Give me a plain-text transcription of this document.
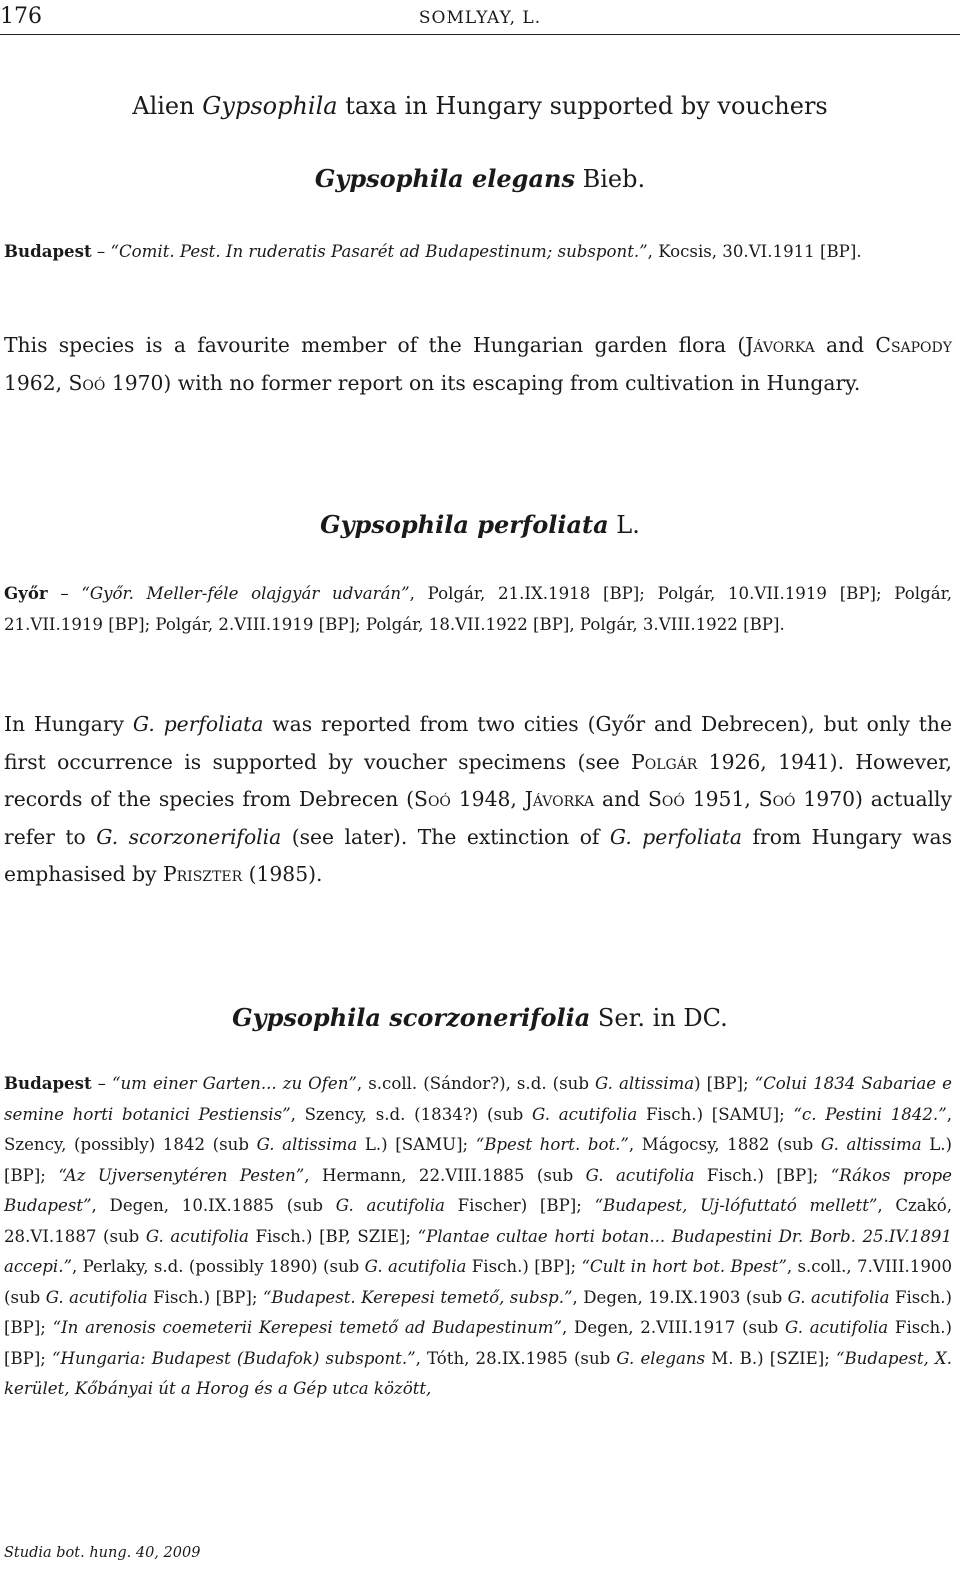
176	SOMLYAY, L.
Alien Gypsophila taxa in Hungary supported by vouchers
Gypsophila elegans Bieb.

Budapest – “Comit. Pest. In ruderatis Pasarét ad Budapestinum; subspont.”, Kocsis, 30.VI.1911 [BP].

This species is a favourite member of the Hungarian garden flora (Jávorka and Csapody 1962, Soó 1970) with no former report on its escaping from cultivation in Hungary.

Gypsophila perfoliata L.

Győr – “Győr. Meller-féle olajgyár udvarán”, Polgár, 21.IX.1918 [BP]; Polgár, 10.VII.1919 [BP]; Polgár, 21.VII.1919 [BP]; Polgár, 2.VIII.1919 [BP]; Polgár, 18.VII.1922 [BP], Polgár, 3.VIII.1922 [BP].

In Hungary G. perfoliata was reported from two cities (Győr and Debrecen), but only the first occurrence is supported by voucher specimens (see Polgár 1926, 1941). However, records of the species from Debrecen (Soó 1948, Jávorka and Soó 1951, Soó 1970) actually refer to G. scorzonerifolia (see later). The extinction of G. perfoliata from Hungary was emphasised by Priszter (1985).

Gypsophila scorzonerifolia Ser. in DC.

Budapest – “um einer Garten... zu Ofen”, s.coll. (Sándor?), s.d. (sub G. altissima) [BP]; “Colui 1834 Sabariae e semine horti botanici Pestiensis”, Szency, s.d. (1834?) (sub G. acutifolia Fisch.) [SAMU]; “c. Pestini 1842.”, Szency, (possibly) 1842 (sub G. altissima L.) [SAMU]; “Bpest hort. bot.”, Mágocsy, 1882 (sub G. altissima L.) [BP]; “Az Ujversenytéren Pesten”, Hermann, 22.VIII.1885 (sub G. acutifolia Fisch.) [BP]; “Rákos prope Budapest”, Degen, 10.IX.1885 (sub G. acutifolia Fischer) [BP]; “Budapest, Uj-lófuttató mellett”, Czakó, 28.VI.1887 (sub G. acutifolia Fisch.) [BP, SZIE]; “Plantae cultae horti botan... Budapestini Dr. Borb. 25.IV.1891 accepi.”, Perlaky, s.d. (possibly 1890) (sub G. acutifolia Fisch.) [BP]; “Cult in hort bot. Bpest”, s.coll., 7.VIII.1900 (sub G. acutifolia Fisch.) [BP]; “Budapest. Kerepesi temető, subsp.”, Degen, 19.IX.1903 (sub G. acutifolia Fisch.) [BP]; “In arenosis coemeterii Kerepesi temető ad Budapestinum”, Degen, 2.VIII.1917 (sub G. acutifolia Fisch.) [BP]; “Hungaria: Budapest (Budafok) subspont.”, Tóth, 28.IX.1985 (sub G. elegans M. B.) [SZIE]; “Budapest, X. kerület, Kőbányai út a Horog és a Gép utca között,

Studia bot. hung. 40, 2009
